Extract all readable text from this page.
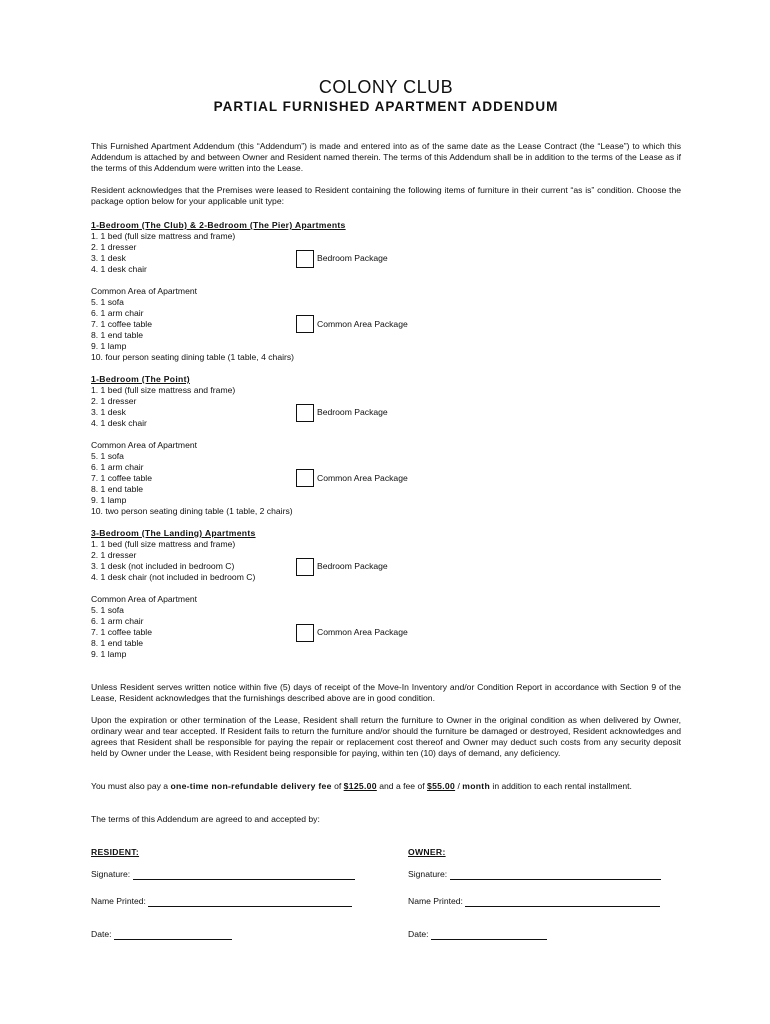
COLONY CLUB
PARTIAL FURNISHED APARTMENT ADDENDUM
This Furnished Apartment Addendum (this “Addendum”) is made and entered into as of the same date as the Lease Contract (the “Lease”) to which this Addendum is attached by and between Owner and Resident named therein. The terms of this Addendum shall be in addition to the terms of the Lease as if the terms of this Addendum were written into the Lease.
Resident acknowledges that the Premises were leased to Resident containing the following items of furniture in their current “as is” condition. Choose the package option below for your applicable unit type:
1-Bedroom (The Club) & 2-Bedroom (The Pier) Apartments
1. 1 bed (full size mattress and frame)
2. 1 dresser
3. 1 desk
4. 1 desk chair
Bedroom Package
Common Area of Apartment
5. 1 sofa
6. 1 arm chair
7. 1 coffee table
8. 1 end table
9. 1 lamp
10. four person seating dining table (1 table, 4 chairs)
Common Area Package
1-Bedroom (The Point)
1. 1 bed (full size mattress and frame)
2. 1 dresser
3. 1 desk
4. 1 desk chair
Bedroom Package
Common Area of Apartment
5. 1 sofa
6. 1 arm chair
7. 1 coffee table
8. 1 end table
9. 1 lamp
10. two person seating dining table (1 table, 2 chairs)
Common Area Package
3-Bedroom (The Landing) Apartments
1. 1 bed (full size mattress and frame)
2. 1 dresser
3. 1 desk (not included in bedroom C)
4. 1 desk chair (not included in bedroom C)
Bedroom Package
Common Area of Apartment
5. 1 sofa
6. 1 arm chair
7. 1 coffee table
8. 1 end table
9. 1 lamp
Common Area Package
Unless Resident serves written notice within five (5) days of receipt of the Move-In Inventory and/or Condition Report in accordance with Section 9 of the Lease, Resident acknowledges that the furnishings described above are in good condition.
Upon the expiration or other termination of the Lease, Resident shall return the furniture to Owner in the original condition as when delivered by Owner, ordinary wear and tear accepted. If Resident fails to return the furniture and/or should the furniture be damaged or destroyed, Resident acknowledges and agrees that Resident shall be responsible for paying the repair or replacement cost thereof and Owner may deduct such costs from any security deposit held by Owner under the Lease, with Resident being responsible for paying, within ten (10) days of demand, any deficiency.
You must also pay a one-time non-refundable delivery fee of $125.00 and a fee of $55.00 / month in addition to each rental installment.
The terms of this Addendum are agreed to and accepted by:
RESIDENT:	OWNER:
Signature:	Signature:
Name Printed:	Name Printed:
Date:	Date:
